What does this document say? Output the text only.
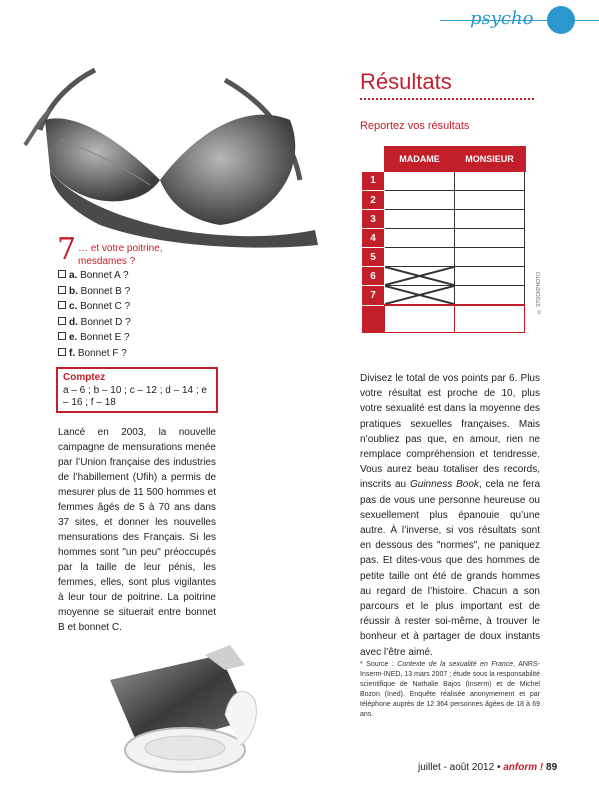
psycho
7 … et votre poitrine, mesdames ?
a. Bonnet A ?
b. Bonnet B ?
c. Bonnet C ?
d. Bonnet D ?
e. Bonnet E ?
f. Bonnet F ?
Comptez
a – 6 ; b – 10 ; c – 12 ; d – 14 ; e – 16 ; f – 18

Lancé en 2003, la nouvelle campagne de mensurations menée par l’Union française des industries de l’habillement (Ufih) a permis de mesurer plus de 11 500 hommes et femmes âgés de 5 à 70 ans dans 37 sites, et donner les nouvelles mensurations des Français. Si les hommes sont "un peu" préoccupés par la taille de leur pénis, les femmes, elles, sont plus vigilantes à leur tour de poitrine. La poitrine moyenne se situerait entre bonnet B et bonnet C.

Résultats
Reportez vos résultats
	MADAME	MONSIEUR
1		
2		
3		
4		
5		
6	

7	

			© STOCKPHOTO

Divisez le total de vos points par 6. Plus votre résultat est proche de 10, plus votre sexualité est dans la moyenne des pratiques sexuelles françaises. Mais n’oubliez pas que, en amour, rien ne remplace compréhension et tendresse. Vous aurez beau totaliser des records, inscrits au Guinness Book, cela ne fera pas de vous une personne heureuse ou sexuellement plus épanouie qu’une autre. À l’inverse, si vos résultats sont en dessous des "normes", ne paniquez pas. Et dites-vous que des hommes de petite taille ont été de grands hommes au regard de l’histoire. Chacun a son parcours et le plus important est de réussir à rester soi-même, à trouver le bonheur et à partager de doux instants avec l’être aimé.

* Source : Contexte de la sexualité en France, ANRS-Inserm-INED, 13 mars 2007 ; étude sous la responsabilité scientifique de Nathalie Bajos (Inserm) et de Michel Bozon (Ined). Enquête réalisée anonymement et par téléphone auprès de 12 364 personnes âgées de 18 à 69 ans.

juillet - août 2012 • anform ! 89
